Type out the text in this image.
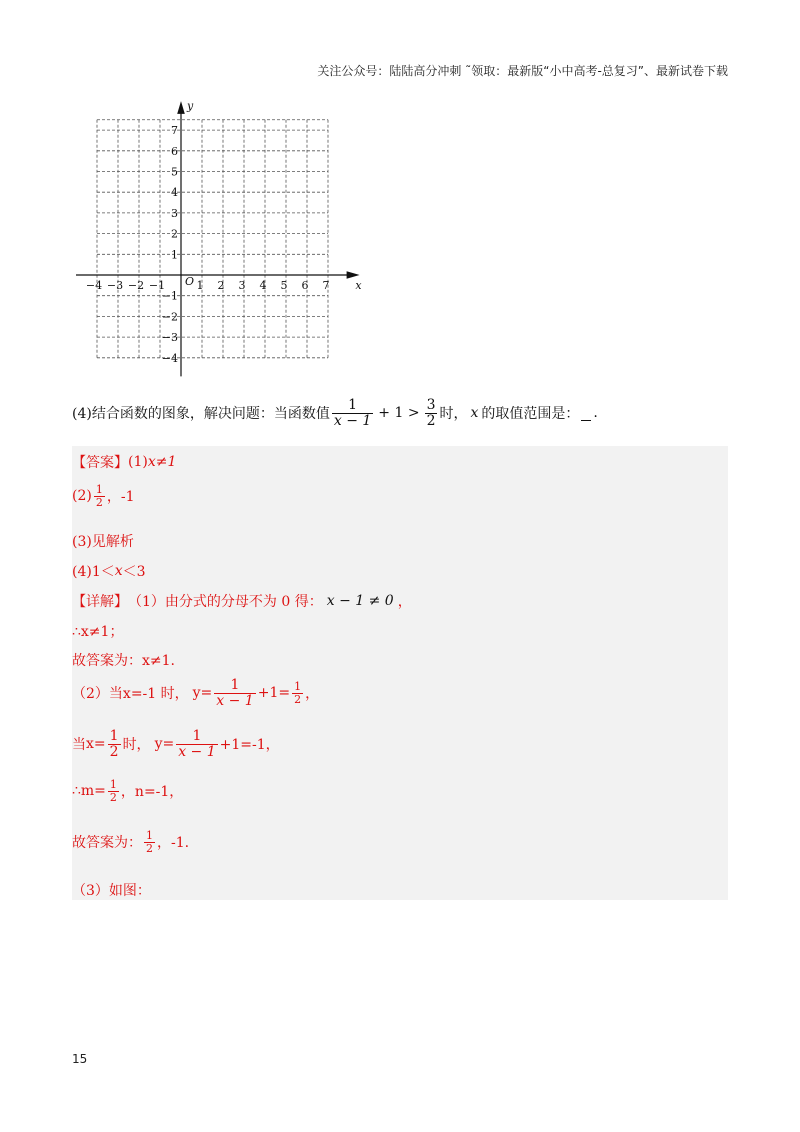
关注公众号：陆陆高分冲刺 ˜领取：最新版“小中高考-总复习”、最新试卷下载
−4 −3 −2 −1	1 2 3 4 5 6 7
7
6
5
4
3
2
1
−1
−2
−3
−4
O	x
y
(4)结合函数的图象，解决问题：当函数值 $\frac{1}{x - 1} + 1 > \frac{3}{2}$ 时， x 的取值范围是： .
【答案】 (1) x≠1
$(2) \frac{1}{2}$ ，-1
(3)见解析
(4)1＜ x ＜3
【详解】 （1）由分式的分母不为 0 得： x − 1 ≠ 0 ，
∴x≠1；
故答案为：x≠1.
（2）当 x=-1 时， $y= \frac{1}{x - 1} +1= \frac{1}{2}$ ，
当 $x= \frac{1}{2}$ 时， $y= \frac{1}{x - 1} +1=-1$，
∴m= $\frac{1}{2}$ ，n=-1，
故答案为： $\frac{1}{2}$ ，-1.
（3）如图：
15
